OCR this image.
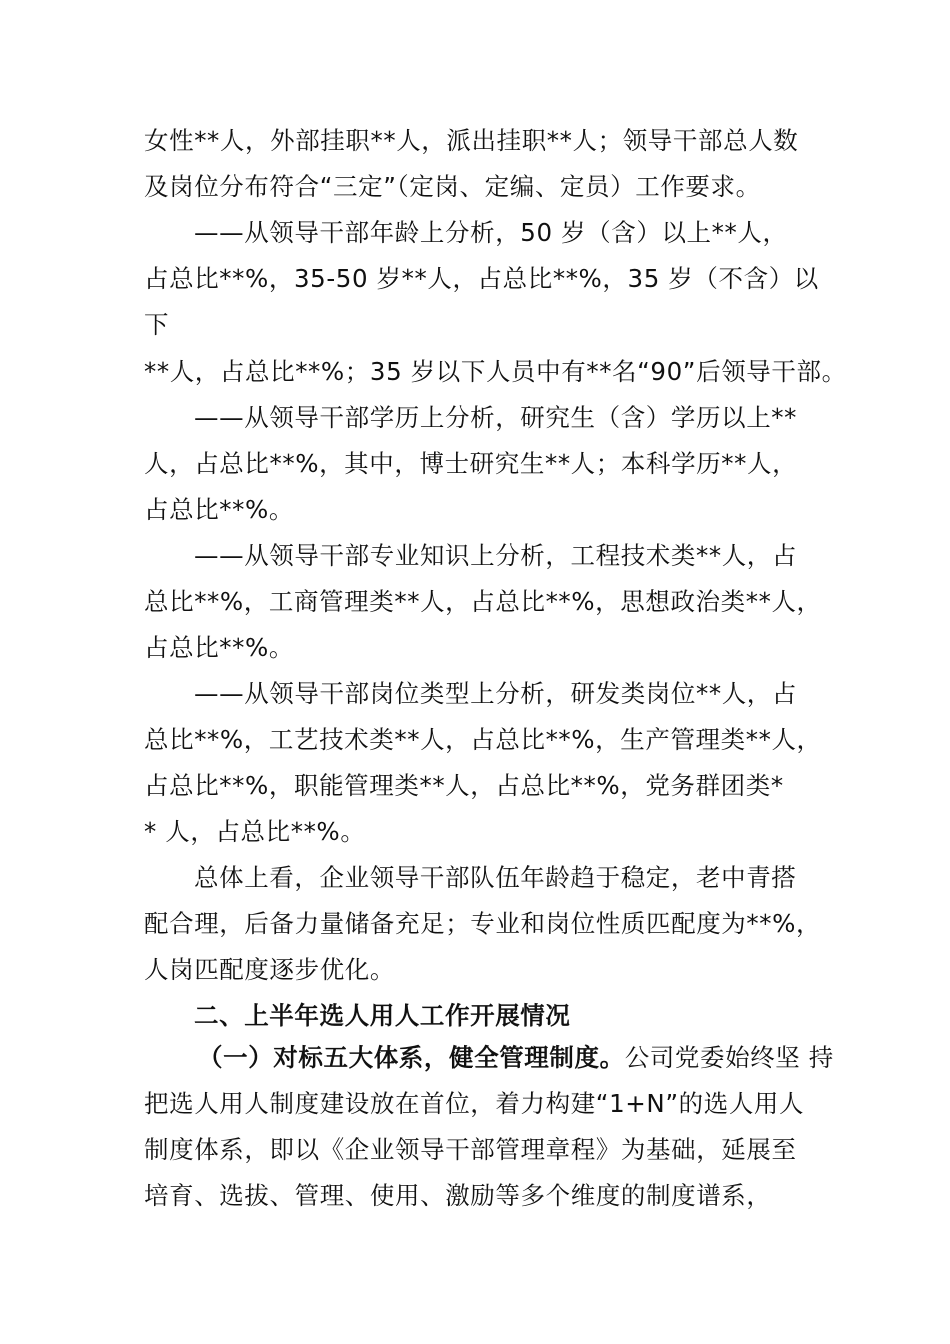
女性**人，外部挂职**人，派出挂职**人；领导干部总人数
及岗位分布符合“三定”（定岗、定编、定员）工作要求。
——从领导干部年龄上分析，50 岁（含）以上**人，
占总比**%，35-50 岁**人，占总比**%，35 岁（不含）以
下
**人，占总比**%；35 岁以下人员中有**名“90”后领导干部。
——从领导干部学历上分析，研究生（含）学历以上**
人，占总比**%，其中，博士研究生**人；本科学历**人，
占总比**%。
——从领导干部专业知识上分析，工程技术类**人，占
总比**%，工商管理类**人，占总比**%，思想政治类**人，
占总比**%。
——从领导干部岗位类型上分析，研发类岗位**人，占
总比**%，工艺技术类**人，占总比**%，生产管理类**人，
占总比**%，职能管理类**人，占总比**%，党务群团类*
* 人，占总比**%。
总体上看，企业领导干部队伍年龄趋于稳定，老中青搭
配合理，后备力量储备充足；专业和岗位性质匹配度为**%，
人岗匹配度逐步优化。
二、上半年选人用人工作开展情况
（一）对标五大体系，健全管理制度。公司党委始终坚 持
把选人用人制度建设放在首位，着力构建“1+N”的选人用人
制度体系，即以《企业领导干部管理章程》为基础，延展至
培育、选拔、管理、使用、激励等多个维度的制度谱系，
